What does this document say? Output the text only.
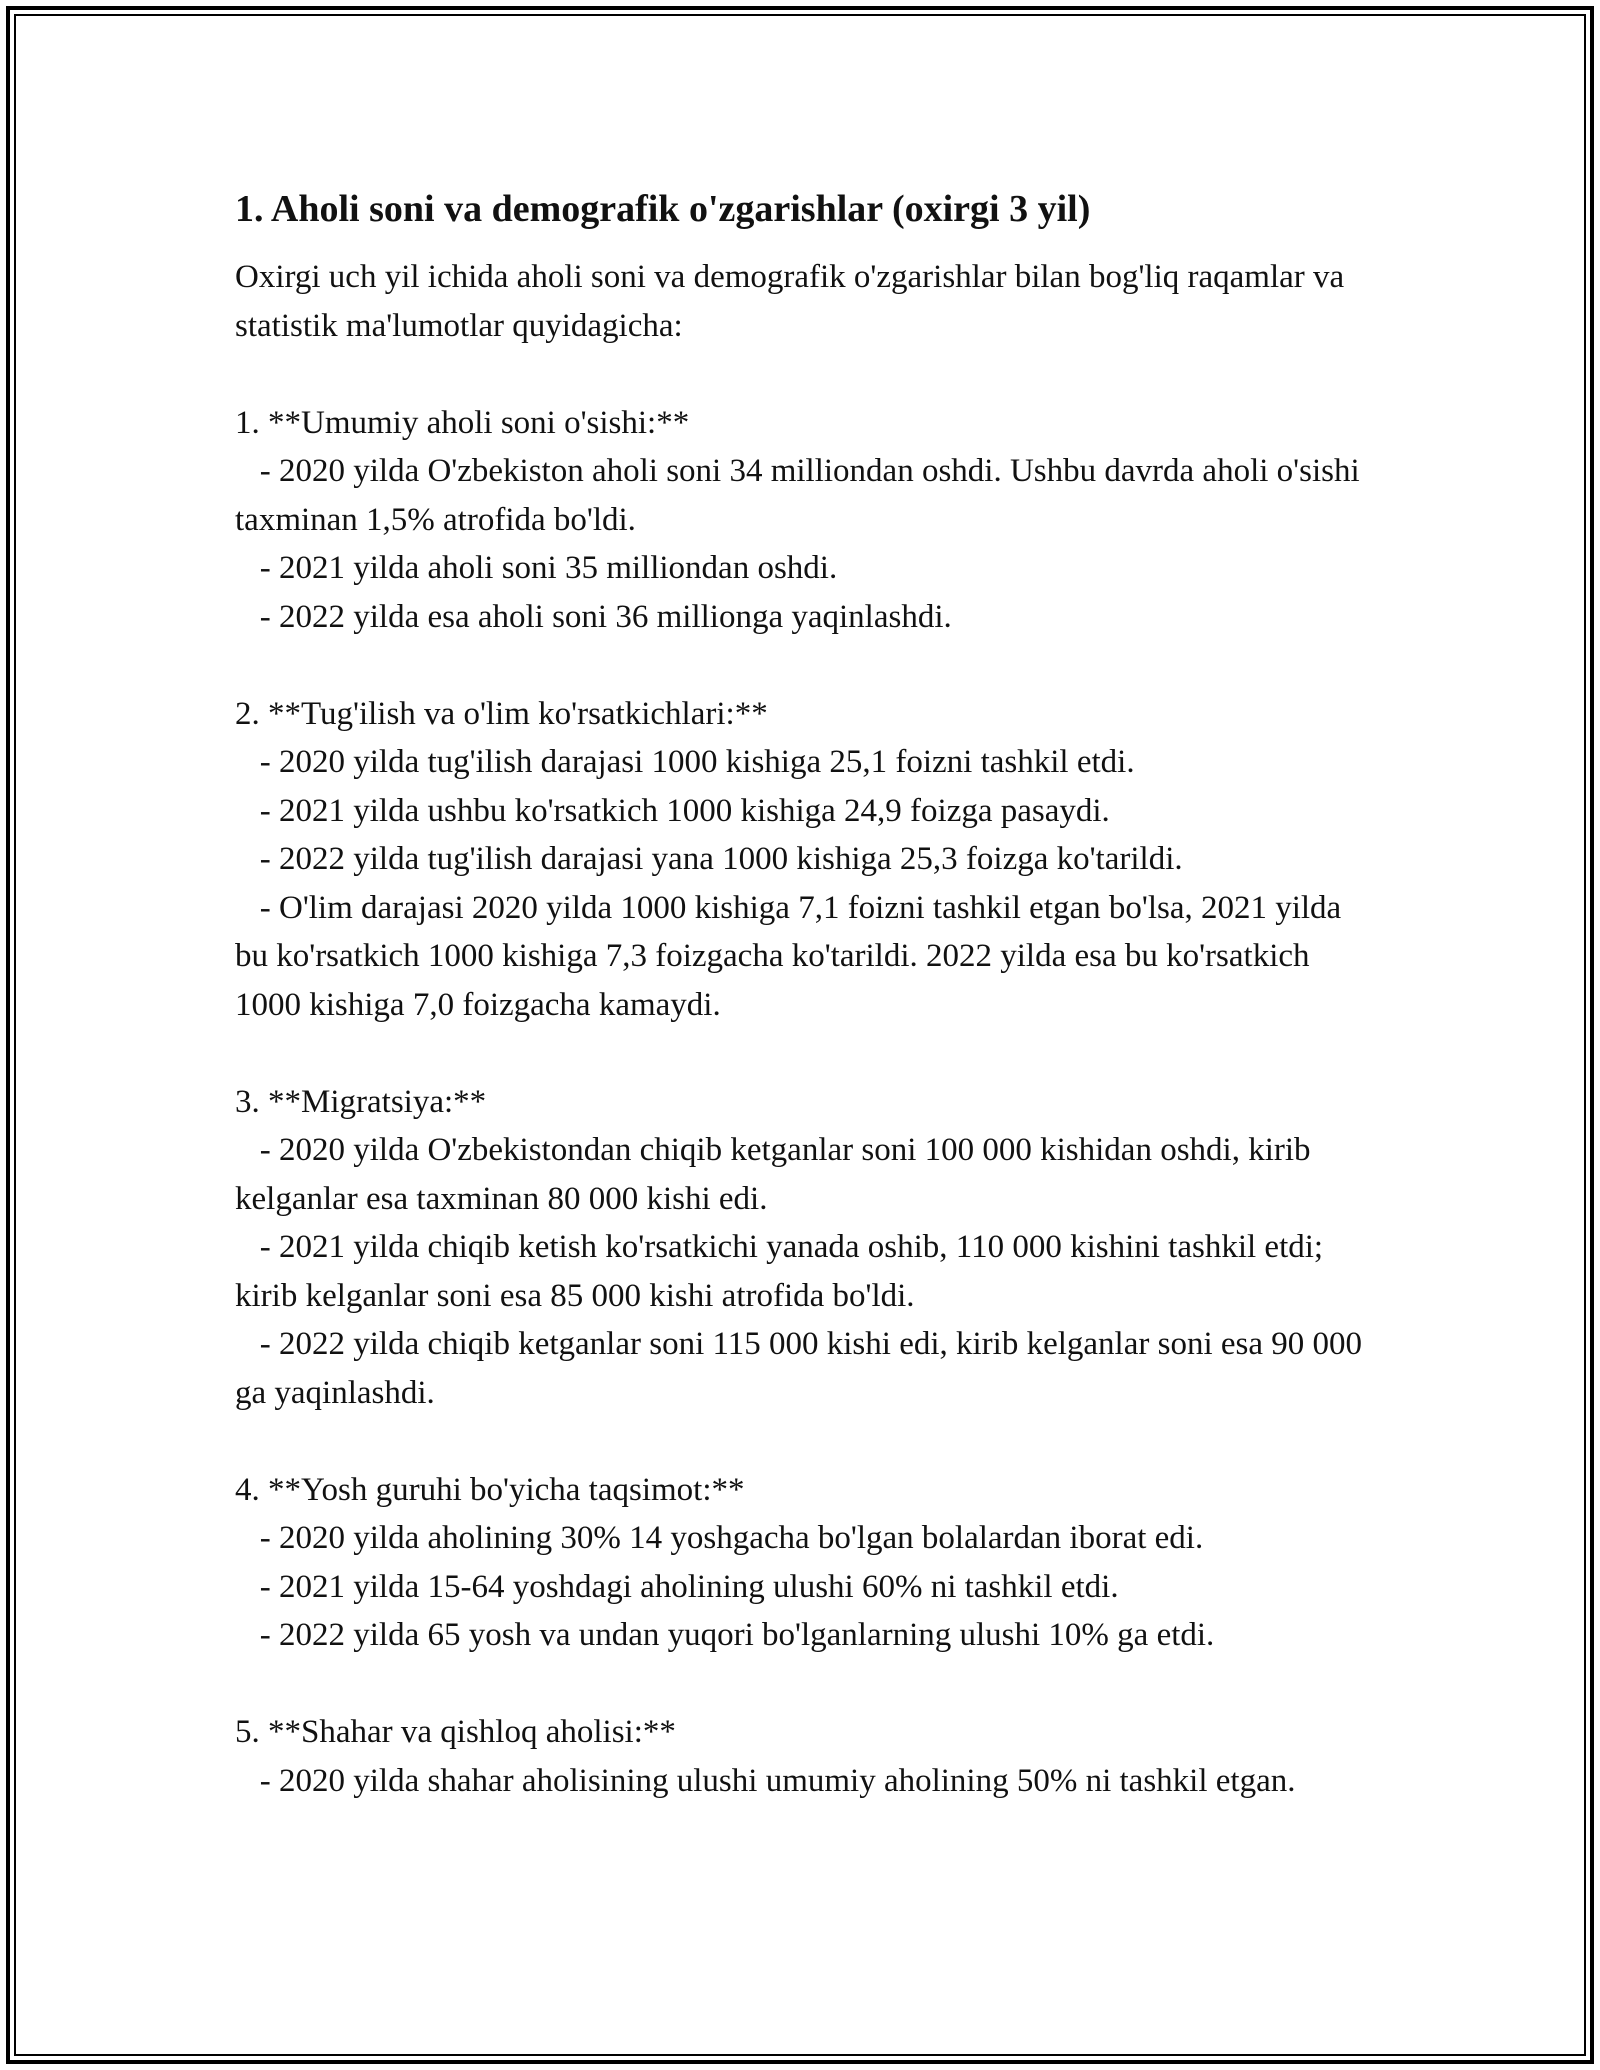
1. Aholi soni va demografik o'zgarishlar (oxirgi 3 yil)

Oxirgi uch yil ichida aholi soni va demografik o'zgarishlar bilan bog'liq raqamlar va statistik ma'lumotlar quyidagicha:

1. **Umumiy aholi soni o'sishi:**

- 2020 yilda O'zbekiston aholi soni 34 milliondan oshdi. Ushbu davrda aholi o'sishi taxminan 1,5% atrofida bo'ldi.

- 2021 yilda aholi soni 35 milliondan oshdi.

- 2022 yilda esa aholi soni 36 millionga yaqinlashdi.

2. **Tug'ilish va o'lim ko'rsatkichlari:**

- 2020 yilda tug'ilish darajasi 1000 kishiga 25,1 foizni tashkil etdi.

- 2021 yilda ushbu ko'rsatkich 1000 kishiga 24,9 foizga pasaydi.

- 2022 yilda tug'ilish darajasi yana 1000 kishiga 25,3 foizga ko'tarildi.

- O'lim darajasi 2020 yilda 1000 kishiga 7,1 foizni tashkil etgan bo'lsa, 2021 yilda bu ko'rsatkich 1000 kishiga 7,3 foizgacha ko'tarildi. 2022 yilda esa bu ko'rsatkich 1000 kishiga 7,0 foizgacha kamaydi.

3. **Migratsiya:**

- 2020 yilda O'zbekistondan chiqib ketganlar soni 100 000 kishidan oshdi, kirib kelganlar esa taxminan 80 000 kishi edi.

- 2021 yilda chiqib ketish ko'rsatkichi yanada oshib, 110 000 kishini tashkil etdi; kirib kelganlar soni esa 85 000 kishi atrofida bo'ldi.

- 2022 yilda chiqib ketganlar soni 115 000 kishi edi, kirib kelganlar soni esa 90 000 ga yaqinlashdi.

4. **Yosh guruhi bo'yicha taqsimot:**

- 2020 yilda aholining 30% 14 yoshgacha bo'lgan bolalardan iborat edi.

- 2021 yilda 15-64 yoshdagi aholining ulushi 60% ni tashkil etdi.

- 2022 yilda 65 yosh va undan yuqori bo'lganlarning ulushi 10% ga etdi.

5. **Shahar va qishloq aholisi:**

- 2020 yilda shahar aholisining ulushi umumiy aholining 50% ni tashkil etgan.
